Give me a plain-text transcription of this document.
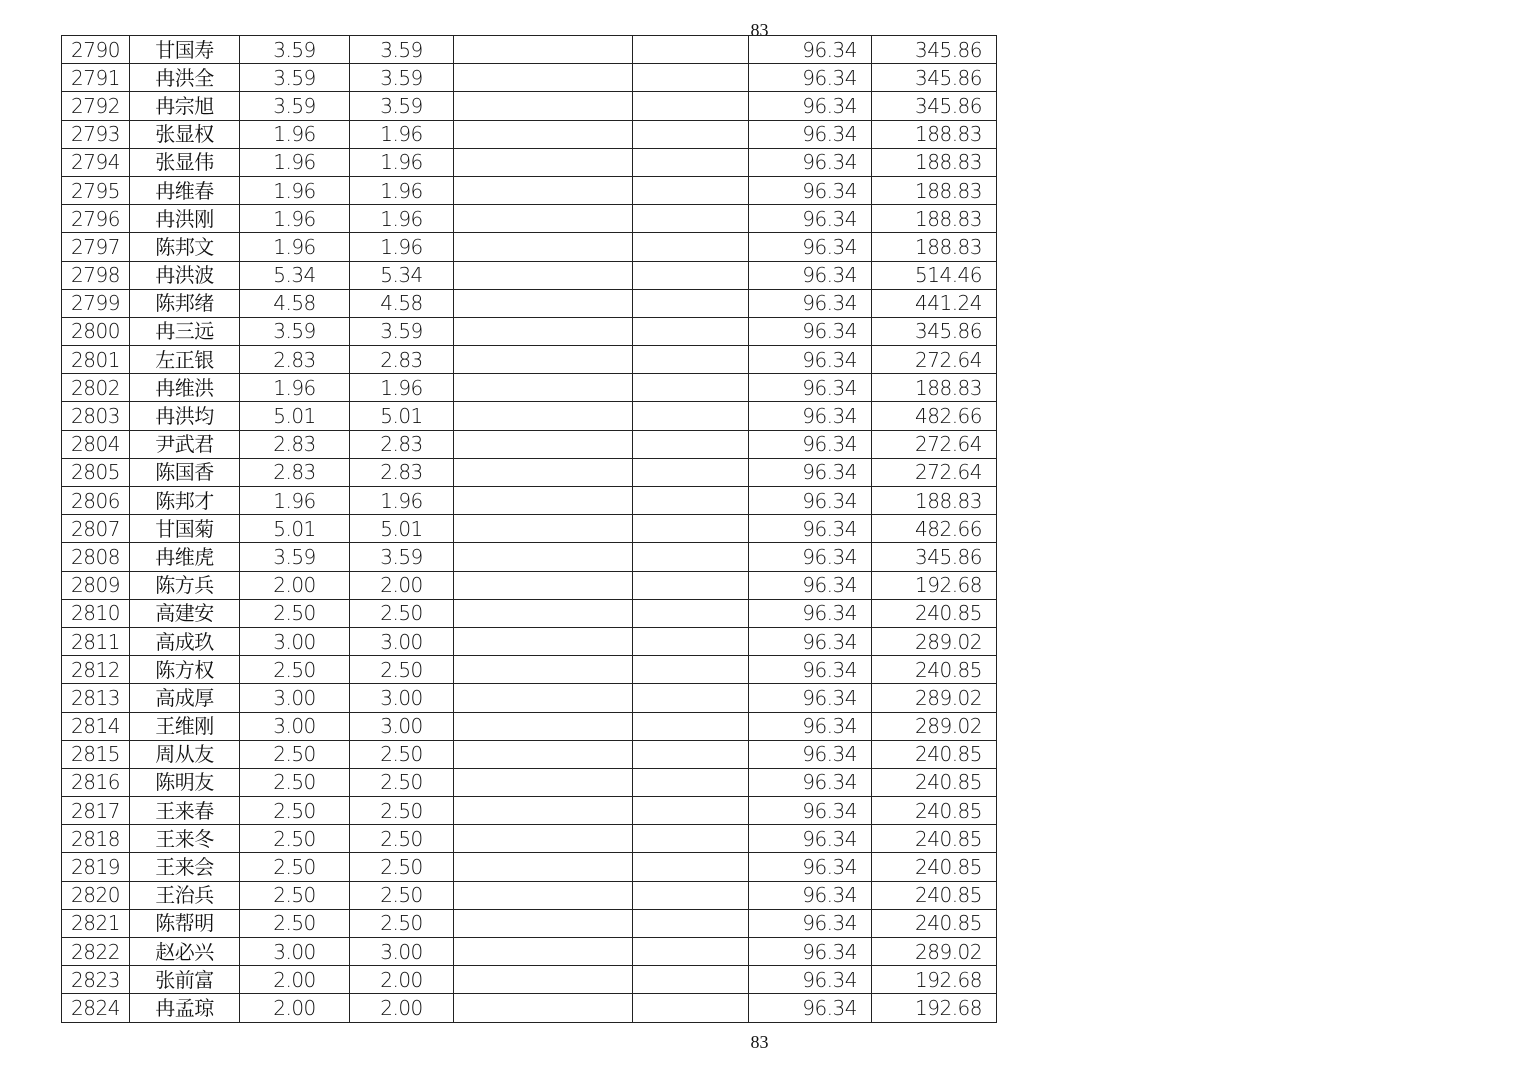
83
2790	甘国寿	3.59	3.59			96.34	345.86
2791	冉洪全	3.59	3.59			96.34	345.86
2792	冉宗旭	3.59	3.59			96.34	345.86
2793	张显权	1.96	1.96			96.34	188.83
2794	张显伟	1.96	1.96			96.34	188.83
2795	冉维春	1.96	1.96			96.34	188.83
2796	冉洪刚	1.96	1.96			96.34	188.83
2797	陈邦文	1.96	1.96			96.34	188.83
2798	冉洪波	5.34	5.34			96.34	514.46
2799	陈邦绪	4.58	4.58			96.34	441.24
2800	冉三远	3.59	3.59			96.34	345.86
2801	左正银	2.83	2.83			96.34	272.64
2802	冉维洪	1.96	1.96			96.34	188.83
2803	冉洪均	5.01	5.01			96.34	482.66
2804	尹武君	2.83	2.83			96.34	272.64
2805	陈国香	2.83	2.83			96.34	272.64
2806	陈邦才	1.96	1.96			96.34	188.83
2807	甘国菊	5.01	5.01			96.34	482.66
2808	冉维虎	3.59	3.59			96.34	345.86
2809	陈方兵	2.00	2.00			96.34	192.68
2810	高建安	2.50	2.50			96.34	240.85
2811	高成玖	3.00	3.00			96.34	289.02
2812	陈方权	2.50	2.50			96.34	240.85
2813	高成厚	3.00	3.00			96.34	289.02
2814	王维刚	3.00	3.00			96.34	289.02
2815	周从友	2.50	2.50			96.34	240.85
2816	陈明友	2.50	2.50			96.34	240.85
2817	王来春	2.50	2.50			96.34	240.85
2818	王来冬	2.50	2.50			96.34	240.85
2819	王来会	2.50	2.50			96.34	240.85
2820	王治兵	2.50	2.50			96.34	240.85
2821	陈帮明	2.50	2.50			96.34	240.85
2822	赵必兴	3.00	3.00			96.34	289.02
2823	张前富	2.00	2.00			96.34	192.68
2824	冉孟琼	2.00	2.00			96.34	192.68
83
